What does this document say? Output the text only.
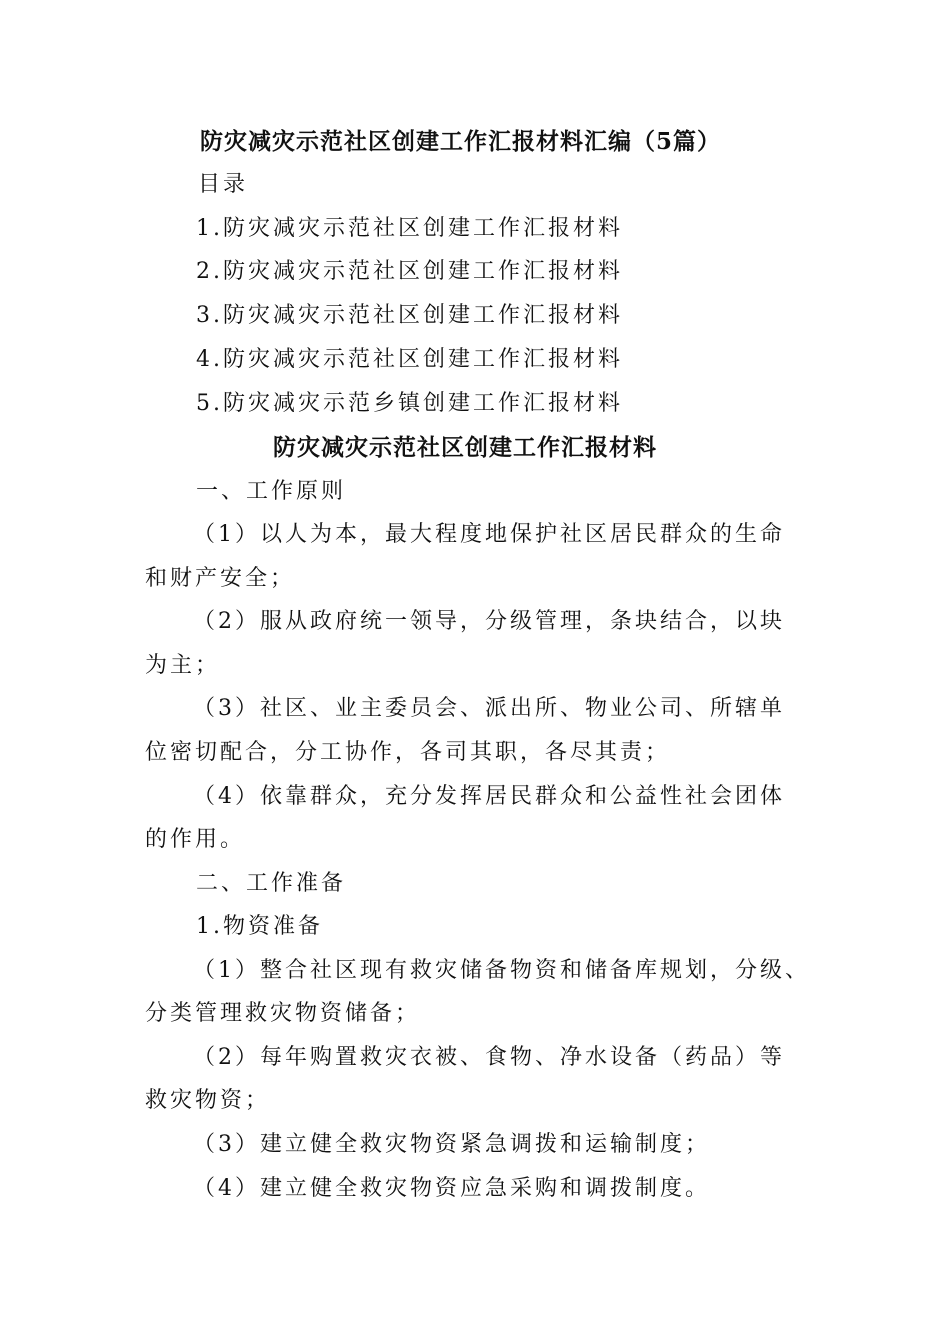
防灾减灾示范社区创建工作汇报材料汇编（5篇）
目录
1.防灾减灾示范社区创建工作汇报材料
2.防灾减灾示范社区创建工作汇报材料
3.防灾减灾示范社区创建工作汇报材料
4.防灾减灾示范社区创建工作汇报材料
5.防灾减灾示范乡镇创建工作汇报材料
防灾减灾示范社区创建工作汇报材料
一、工作原则
（1）以人为本，最大程度地保护社区居民群众的生命
和财产安全；
（2）服从政府统一领导，分级管理，条块结合，以块
为主；
（3）社区、业主委员会、派出所、物业公司、所辖单
位密切配合，分工协作，各司其职，各尽其责；
（4）依靠群众，充分发挥居民群众和公益性社会团体
的作用。
二、工作准备
1.物资准备
（1）整合社区现有救灾储备物资和储备库规划，分级、
分类管理救灾物资储备；
（2）每年购置救灾衣被、食物、净水设备（药品）等
救灾物资；
（3）建立健全救灾物资紧急调拨和运输制度；
（4）建立健全救灾物资应急采购和调拨制度。
